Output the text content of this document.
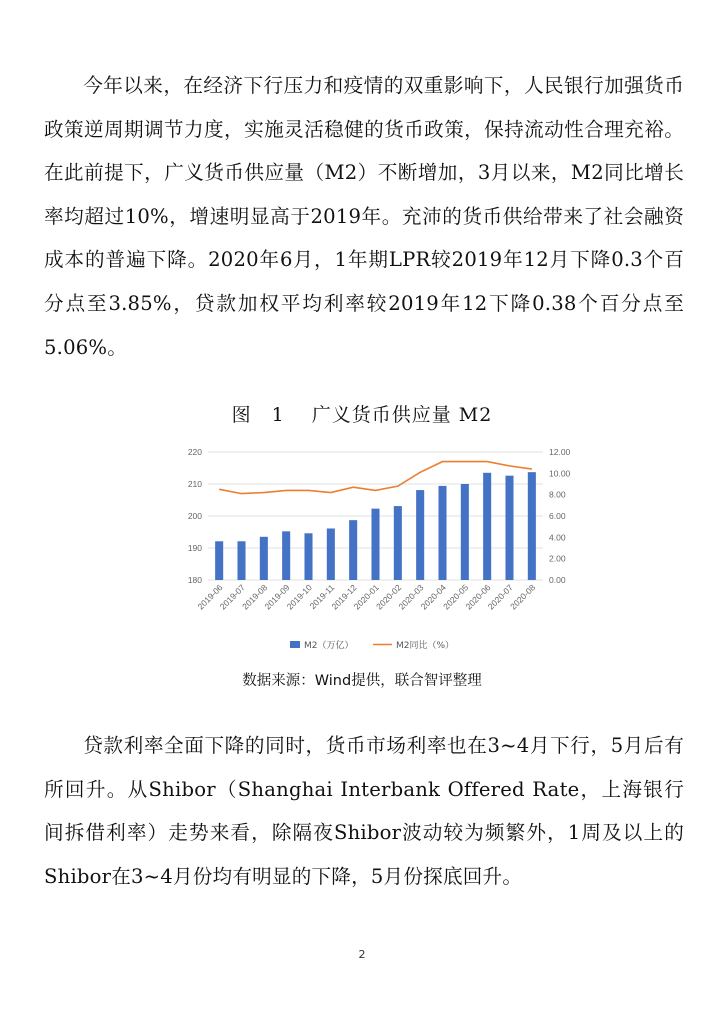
今年以来，在经济下行压力和疫情的双重影响下，人民银行加强货币政策逆周期调节力度，实施灵活稳健的货币政策，保持流动性合理充裕。在此前提下，广义货币供应量（M2）不断增加，3月以来，M2同比增长率均超过10%，增速明显高于2019年。充沛的货币供给带来了社会融资成本的普遍下降。2020年6月，1年期LPR较2019年12月下降0.3个百分点至3.85%，贷款加权平均利率较2019年12下降0.38个百分点至5.06%。

图　1　 广义货币供应量 M2
180
190
200
210
220
0.00
2.00
4.00
6.00
8.00
10.00
12.00
2019-06
2019-07
2019-08
2019-09
2019-10
2019-11
2019-12
2020-01
2020-02
2020-03
2020-04
2020-05
2020-06
2020-07
2020-08
M2（万亿）	M2同比（%）
数据来源：Wind提供，联合智评整理

贷款利率全面下降的同时，货币市场利率也在3~4月下行，5月后有所回升。从Shibor（Shanghai Interbank Offered Rate，上海银行间拆借利率）走势来看，除隔夜Shibor波动较为频繁外，1周及以上的Shibor在3~4月份均有明显的下降，5月份探底回升。

2
